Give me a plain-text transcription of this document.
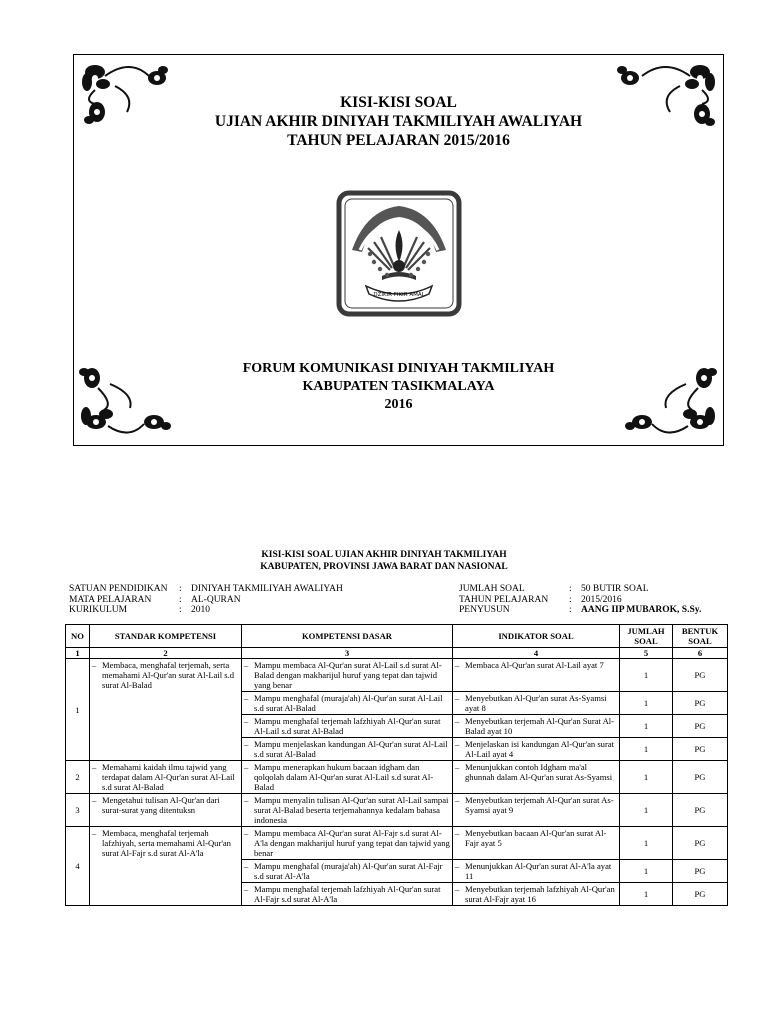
KISI-KISI SOAL
UJIAN AKHIR DINIYAH TAKMILIYAH AWALIYAH
TAHUN PELAJARAN 2015/2016
DZIKIR FIKIR AMAL
FORUM KOMUNIKASI DINIYAH TAKMILIYAH
KABUPATEN TASIKMALAYA
2016
KISI-KISI SOAL UJIAN AKHIR DINIYAH TAKMILIYAH
KABUPATEN, PROVINSI JAWA BARAT DAN NASIONAL
SATUAN PENDIDIKAN	: DINIYAH TAKMILIYAH AWALIYAH
MATA PELAJARAN	: AL-QURAN
KURIKULUM	: 2010
JUMLAH SOAL	: 50 BUTIR SOAL
TAHUN PELAJARAN	: 2015/2016
PENYUSUN	: AANG IIP MUBAROK, S.Sy.
NO	STANDAR KOMPETENSI	KOMPETENSI DASAR	INDIKATOR SOAL	JUMLAH SOAL	BENTUK SOAL
1	2	3	4	5	6
1	– Membaca, menghafal terjemah, serta memahami Al-Qur'an surat Al-Lail s.d surat Al-Balad	– Mampu membaca Al-Qur'an surat Al-Lail s.d surat Al-Balad dengan makharijul huruf yang tepat dan tajwid yang benar	– Membaca Al-Qur'an surat Al-Lail ayat 7	1	PG

		– Mampu menghafal (muraja'ah) Al-Qur'an surat Al-Lail s.d surat Al-Balad	– Menyebutkan Al-Qur'an surat As-Syamsi ayat 8	1	PG

		– Mampu menghafal terjemah lafzhiyah Al-Qur'an surat Al-Lail s.d surat Al-Balad	– Menyebutkan terjemah Al-Qur'an Surat Al-Balad ayat 10	1	PG

		– Mampu menjelaskan kandungan Al-Qur'an surat Al-Lail s.d surat Al-Balad	– Menjelaskan isi kandungan Al-Qur'an surat Al-Lail ayat 4	1	PG
2	– Memahami kaidah ilmu tajwid yang terdapat dalam Al-Qur'an surat Al-Lail s.d surat Al-Balad	– Mampu menerapkan hukum bacaan idgham dan qolqolah dalam Al-Qur'an surat Al-Lail s.d surat Al-Balad	– Menunjukkan contoh Idgham ma'al ghunnah dalam Al-Qur'an surat As-Syamsi	1	PG
3	– Mengetahui tulisan Al-Qur'an dari surat-surat yang ditentuksn	– Mampu menyalin tulisan Al-Qur'an surat Al-Lail sampai surat Al-Balad beserta terjemahannya kedalam bahasa indonesia	– Menyebutkan terjemah Al-Qur'an surat As-Syamsi ayat 9	1	PG
4	– Membaca, menghafal terjemah lafzhiyah, serta memahami Al-Qur'an surat Al-Fajr s.d surat Al-A'la	– Mampu membaca Al-Qur'an surat Al-Fajr s.d surat Al-A'la dengan makharijul huruf yang tepat dan tajwid yang benar	– Menyebutkan bacaan Al-Qur'an surat Al-Fajr ayat 5	1	PG

		– Mampu menghafal (muraja'ah) Al-Qur'an surat Al-Fajr s.d surat Al-A'la	– Menunjukkan Al-Qur'an surat Al-A'la ayat 11	1	PG

		– Mampu menghafal terjemah lafzhiyah Al-Qur'an surat Al-Fajr s.d surat Al-A'la	– Menyebutkan terjemah lafzhiyah Al-Qur'an surat Al-Fajr ayat 16	1	PG
